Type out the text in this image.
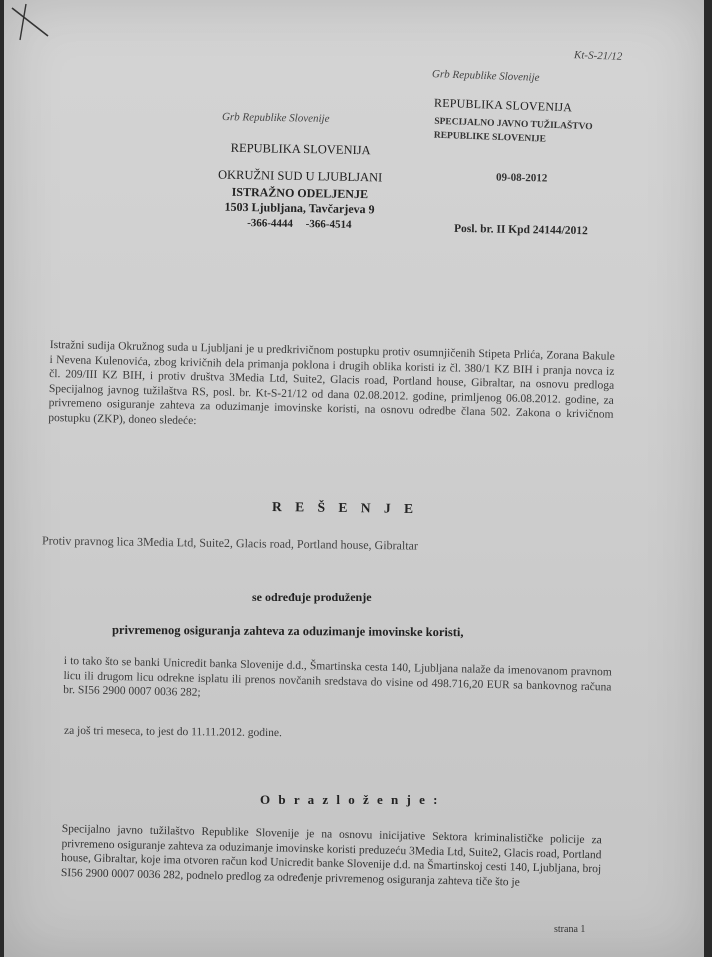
Kt-S-21/12
Grb Republike Slovenije
REPUBLIKA SLOVENIJA
SPECIJALNO JAVNO TUŽILAŠTVO
REPUBLIKE SLOVENIJE
09-08-2012
Posl. br. II Kpd 24144/2012
Grb Republike Slovenije
REPUBLIKA SLOVENIJA
OKRUŽNI SUD U LJUBLJANI
ISTRAŽNO ODELJENJE
1503 Ljubljana, Tavčarjeva 9
-366-4444 -366-4514
Istražni sudija Okružnog suda u Ljubljani je u predkrivičnom postupku protiv osumnjičenih Stipeta Prlića, Zorana Bakule i Nevena Kulenovića, zbog krivičnih dela primanja poklona i drugih oblika koristi iz čl. 380/1 KZ BIH i pranja novca iz čl. 209/III KZ BIH, i protiv društva 3Media Ltd, Suite2, Glacis road, Portland house, Gibraltar, na osnovu predloga Specijalnog javnog tužilaštva RS, posl. br. Kt-S-21/12 od dana 02.08.2012. godine, primljenog 06.08.2012. godine, za privremeno osiguranje zahteva za oduzimanje imovinske koristi, na osnovu odredbe člana 502. Zakona o krivičnom postupku (ZKP), doneo sledeće:
R E Š E N J E
Protiv pravnog lica 3Media Ltd, Suite2, Glacis road, Portland house, Gibraltar
se određuje produženje
privremenog osiguranja zahteva za oduzimanje imovinske koristi,
i to tako što se banki Unicredit banka Slovenije d.d., Šmartinska cesta 140, Ljubljana nalaže da imenovanom pravnom licu ili drugom licu odrekne isplatu ili prenos novčanih sredstava do visine od 498.716,20 EUR sa bankovnog računa br. SI56 2900 0007 0036 282;
za još tri meseca, to jest do 11.11.2012. godine.
O b r a z l o ž e n j e :
Specijalno javno tužilaštvo Republike Slovenije je na osnovu inicijative Sektora kriminalističke policije za privremeno osiguranje zahteva za oduzimanje imovinske koristi preduzeću 3Media Ltd, Suite2, Glacis road, Portland house, Gibraltar, koje ima otvoren račun kod Unicredit banke Slovenije d.d. na Šmartinskoj cesti 140, Ljubljana, broj SI56 2900 0007 0036 282, podnelo predlog za određenje privremenog osiguranja zahteva tiče što je
strana 1
